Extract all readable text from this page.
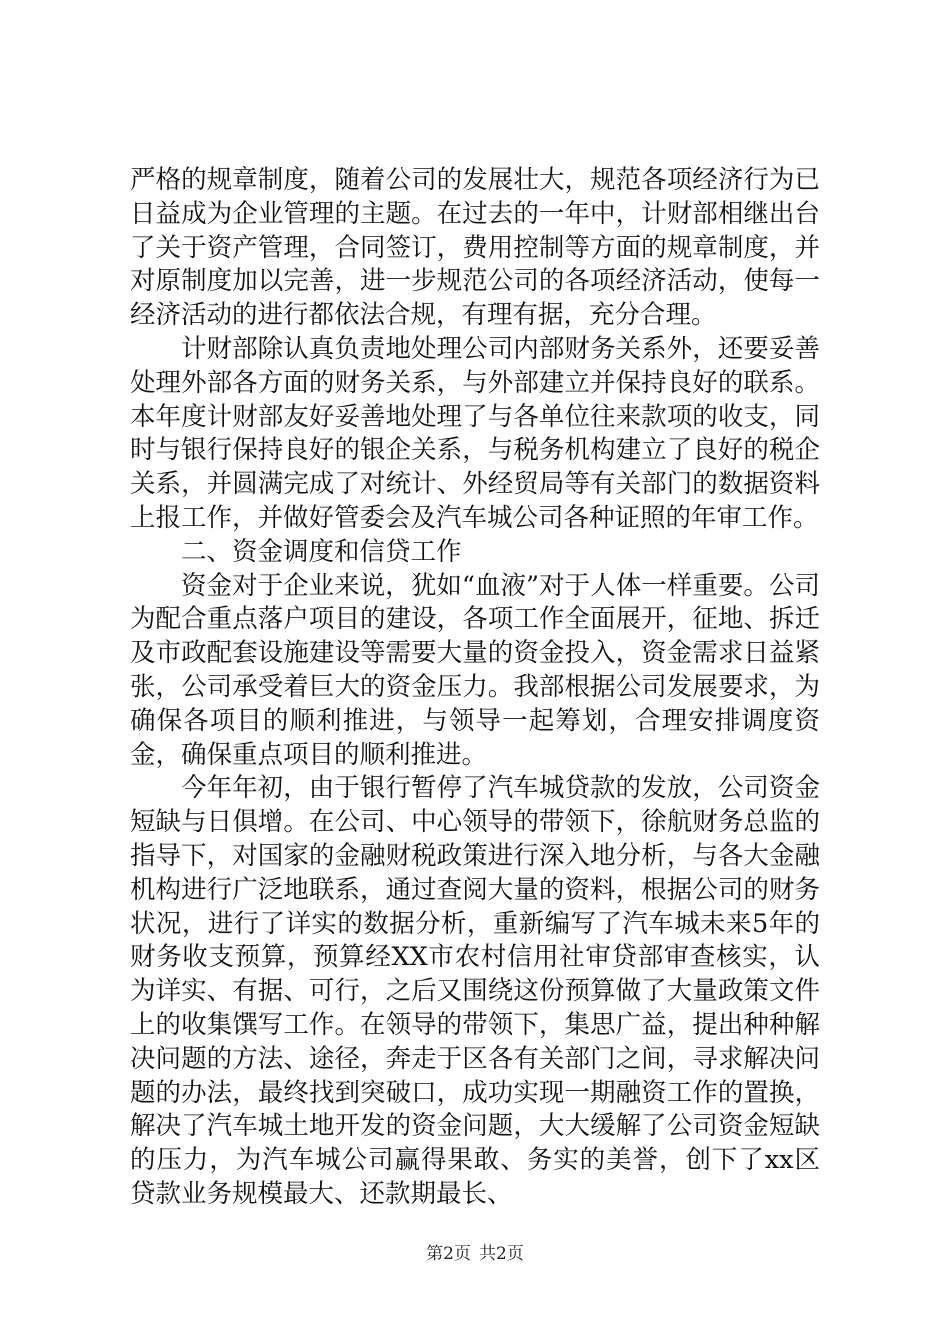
严格的规章制度，随着公司的发展壮大，规范各项经济行为已日益成为企业管理的主题。在过去的一年中，计财部相继出台了关于资产管理，合同签订，费用控制等方面的规章制度，并对原制度加以完善，进一步规范公司的各项经济活动，使每一经济活动的进行都依法合规，有理有据，充分合理。

计财部除认真负责地处理公司内部财务关系外，还要妥善处理外部各方面的财务关系，与外部建立并保持良好的联系。本年度计财部友好妥善地处理了与各单位往来款项的收支，同时与银行保持良好的银企关系，与税务机构建立了良好的税企关系，并圆满完成了对统计、外经贸局等有关部门的数据资料上报工作，并做好管委会及汽车城公司各种证照的年审工作。

二、资金调度和信贷工作

资金对于企业来说，犹如“血液”对于人体一样重要。公司为配合重点落户项目的建设，各项工作全面展开，征地、拆迁及市政配套设施建设等需要大量的资金投入，资金需求日益紧张，公司承受着巨大的资金压力。我部根据公司发展要求，为确保各项目的顺利推进，与领导一起筹划，合理安排调度资金，确保重点项目的顺利推进。

今年年初，由于银行暂停了汽车城贷款的发放，公司资金短缺与日俱增。在公司、中心领导的带领下，徐航财务总监的指导下，对国家的金融财税政策进行深入地分析，与各大金融机构进行广泛地联系，通过查阅大量的资料，根据公司的财务状况，进行了详实的数据分析，重新编写了汽车城未来5年的财务收支预算，预算经XX市农村信用社审贷部审查核实，认为详实、有据、可行，之后又围绕这份预算做了大量政策文件上的收集馔写工作。在领导的带领下，集思广益，提出种种解决问题的方法、途径，奔走于区各有关部门之间，寻求解决问题的办法，最终找到突破口，成功实现一期融资工作的置换，解决了汽车城土地开发的资金问题，大大缓解了公司资金短缺的压力，为汽车城公司赢得果敢、务实的美誉，创下了xx区贷款业务规模最大、还款期最长、

第2页 共2页
